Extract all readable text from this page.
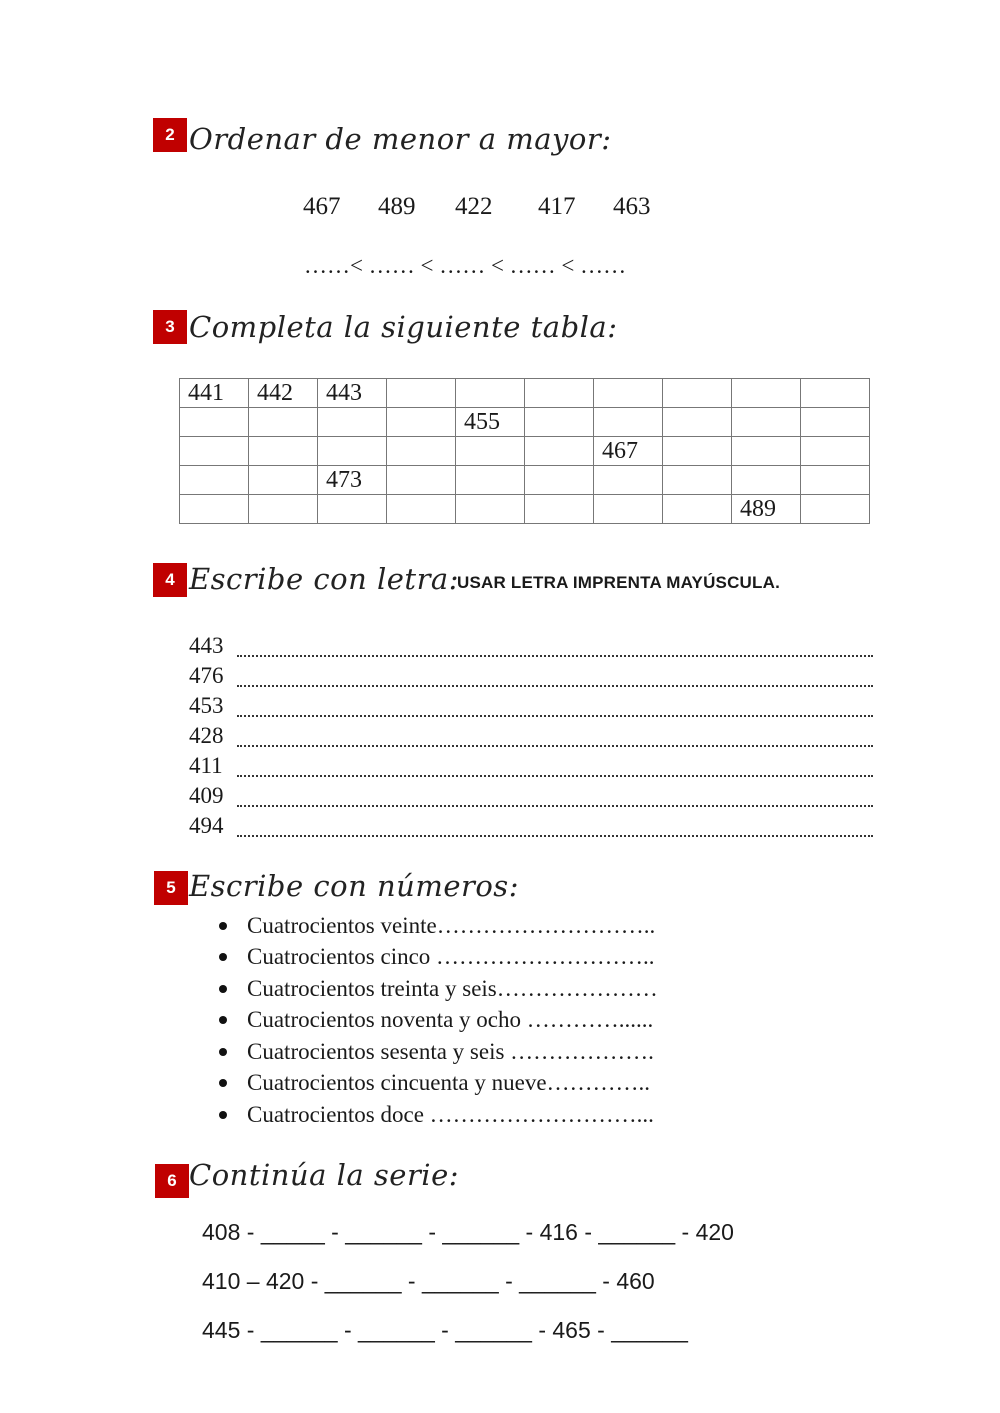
2 Ordenar de menor a mayor:
467 489 422 417 463
……< …… < …… < …… < ……
3 Completa la siguiente tabla:
441	442	443							
				455					
						467			
		473							
								489	
4 Escribe con letra:
USAR LETRA IMPRENTA MAYÚSCULA.
443
476
453
428
411
409
494
5 Escribe con números:
Cuatrocientos veinte………………………..
Cuatrocientos cinco ………………………..
Cuatrocientos treinta y seis…………………
Cuatrocientos noventa y ocho …………......
Cuatrocientos sesenta y seis ……………….
Cuatrocientos cincuenta y nueve…………..
Cuatrocientos doce ………………………...
6 Continúa la serie:
408 - _____ - ______ - ______ - 416 - ______ - 420
410 – 420 - ______ - ______ - ______ - 460
445 - ______ - ______ - ______ - 465 - ______
